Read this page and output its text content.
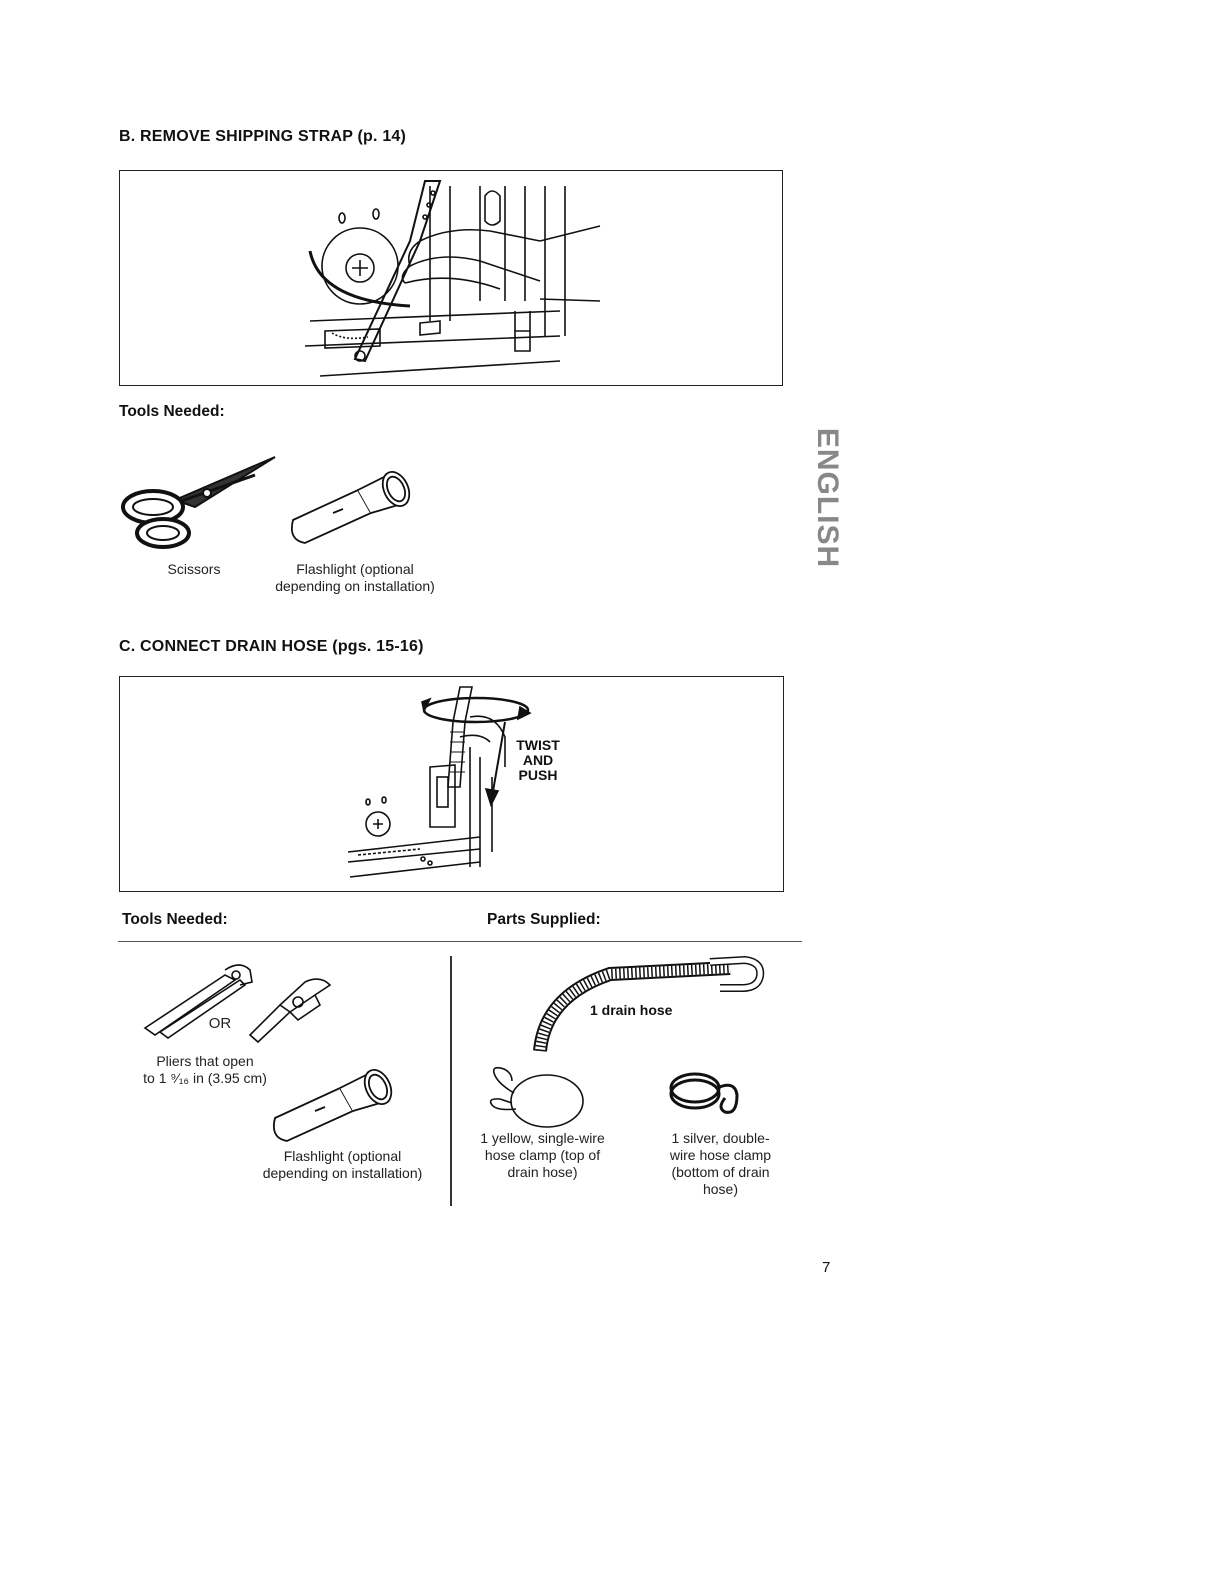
B. REMOVE SHIPPING STRAP (p. 14)
Tools Needed:
Scissors	Flashlight (optional
depending on installation)
C. CONNECT DRAIN HOSE (pgs. 15-16)
TWIST
AND
PUSH
Tools Needed:	Parts Supplied:
OR
Pliers that open
to 1 ⁹⁄₁₆ in (3.95 cm)
Flashlight (optional
depending on installation)
1 drain hose
1 yellow, single-wire
hose clamp (top of
drain hose)
1 silver, double-
wire hose clamp
(bottom of drain
hose)
ENGLISH
7
